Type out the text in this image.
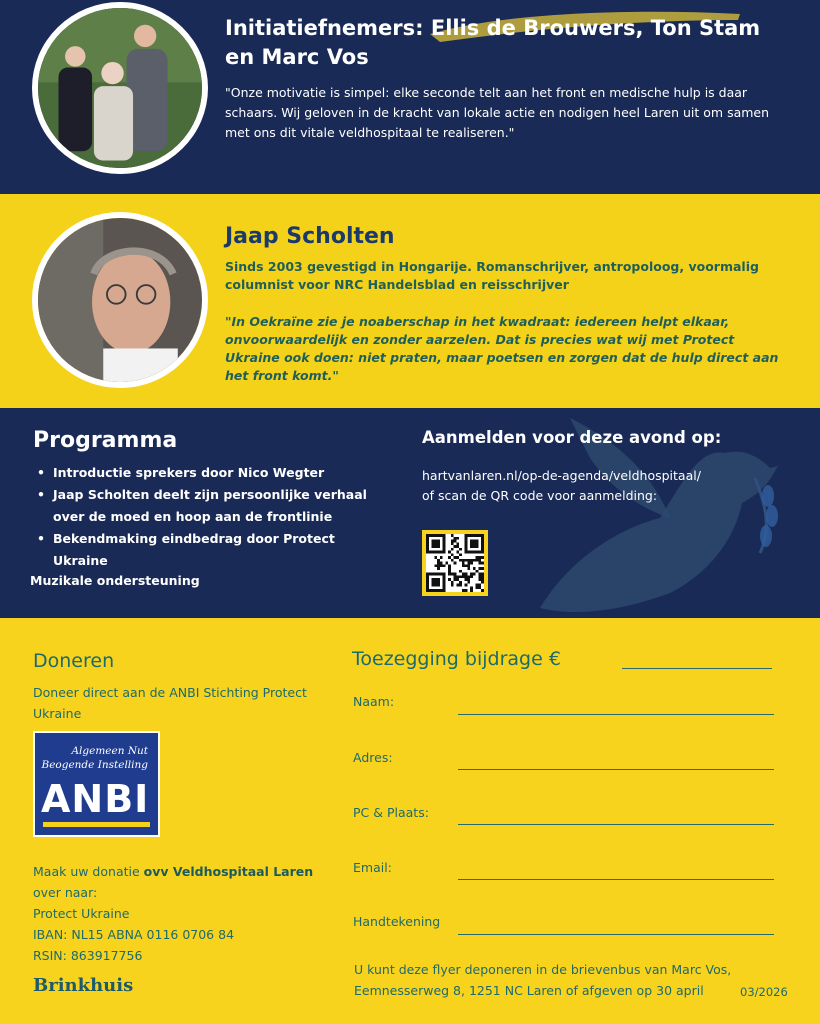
Initiatiefnemers: Ellis de Brouwers, Ton Stam en Marc Vos
"Onze motivatie is simpel: elke seconde telt aan het front en medische hulp is daar schaars. Wij geloven in de kracht van lokale actie en nodigen heel Laren uit om samen met ons dit vitale veldhospitaal te realiseren."
Jaap Scholten
Sinds 2003 gevestigd in Hongarije. Romanschrijver, antropoloog, voormalig columnist voor NRC Handelsblad en reisschrijver
"In Oekraïne zie je noaberschap in het kwadraat: iedereen helpt elkaar, onvoorwaardelijk en zonder aarzelen. Dat is precies wat wij met Protect Ukraine ook doen: niet praten, maar poetsen en zorgen dat de hulp direct aan het front komt."
Programma
• Introductie sprekers door Nico Wegter
• Jaap Scholten deelt zijn persoonlijke verhaal over de moed en hoop aan de frontlinie
• Bekendmaking eindbedrag door Protect Ukraine
Muzikale ondersteuning
Aanmelden voor deze avond op:
hartvanlaren.nl/op-de-agenda/veldhospitaal/
of scan de QR code voor aanmelding:
Doneren
Doneer direct aan de ANBI Stichting Protect Ukraine
Algemeen Nut
Beogende Instelling
ANBI
Maak uw donatie ovv Veldhospitaal Laren
over naar:
Protect Ukraine
IBAN: NL15 ABNA 0116 0706 84
RSIN: 863917756
Brinkhuis
Toezegging bijdrage €
Naam:
Adres:
PC & Plaats:
Email:
Handtekening
U kunt deze flyer deponeren in de brievenbus van Marc Vos, Eemnesserweg 8, 1251 NC Laren of afgeven op 30 april	03/2026
